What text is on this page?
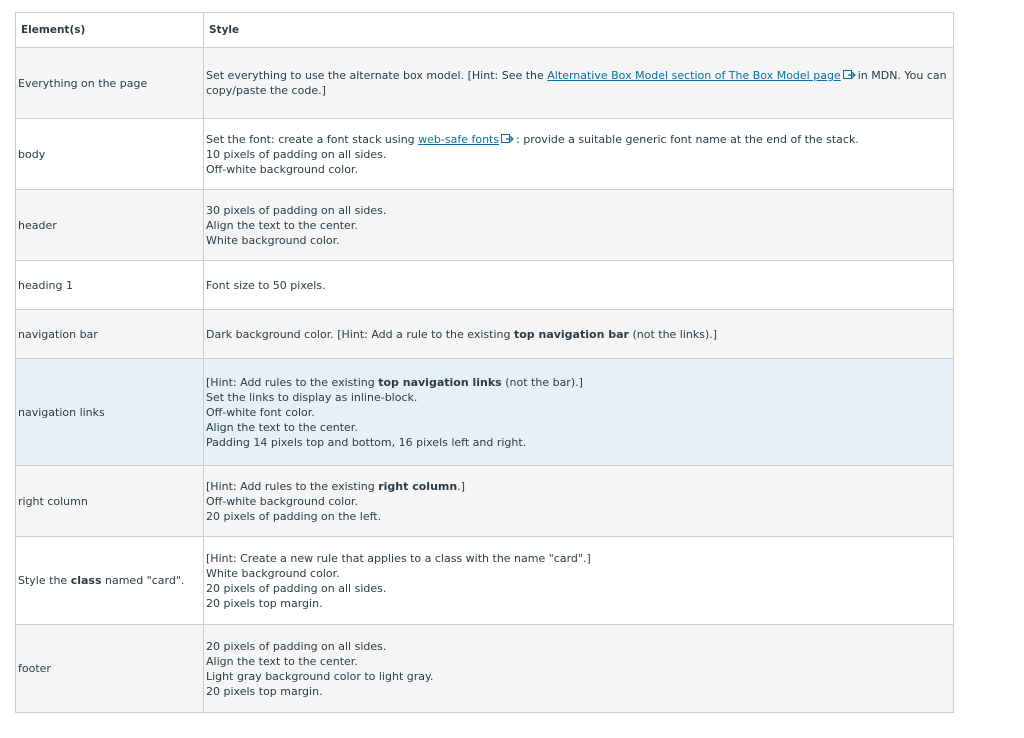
Element(s)	Style
Everything on the page	Set everything to use the alternate box model. [Hint: See the Alternative Box Model section of The Box Model page in MDN. You can
copy/paste the code.]

body	Set the font: create a font stack using web-safe fonts : provide a suitable generic font name at the end of the stack.
10 pixels of padding on all sides.
Off-white background color.

header	30 pixels of padding on all sides.
Align the text to the center.
White background color.

heading 1	Font size to 50 pixels.

navigation bar	Dark background color. [Hint: Add a rule to the existing top navigation bar (not the links).]

navigation links	[Hint: Add rules to the existing top navigation links (not the bar).]
Set the links to display as inline-block.
Off-white font color.
Align the text to the center.
Padding 14 pixels top and bottom, 16 pixels left and right.

right column	[Hint: Add rules to the existing right column.]
Off-white background color.
20 pixels of padding on the left.

Style the class named "card".	[Hint: Create a new rule that applies to a class with the name "card".]
White background color.
20 pixels of padding on all sides.
20 pixels top margin.

footer	20 pixels of padding on all sides.
Align the text to the center.
Light gray background color to light gray.
20 pixels top margin.
